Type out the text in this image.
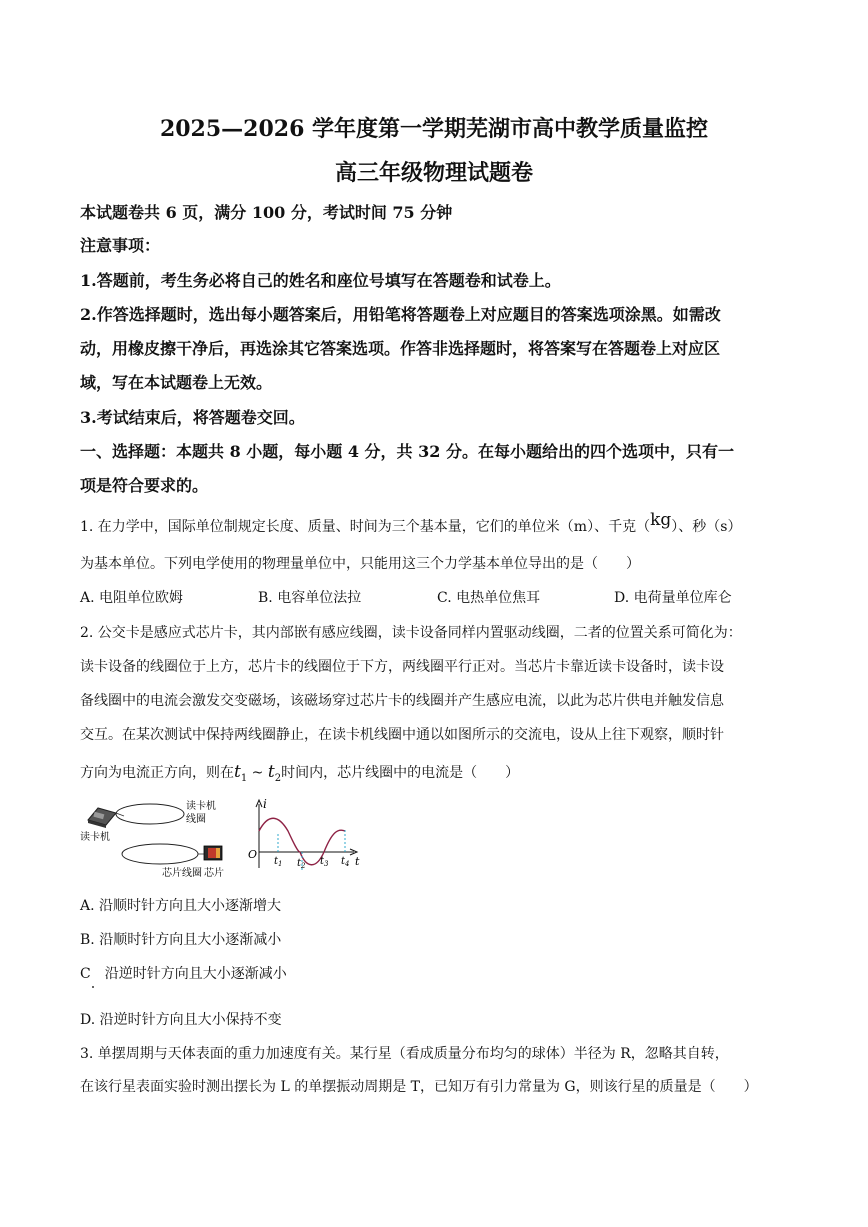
2025—2026 学年度第一学期芜湖市高中教学质量监控
高三年级物理试题卷
本试题卷共 6 页，满分 100 分，考试时间 75 分钟
注意事项：
1.答题前，考生务必将自己的姓名和座位号填写在答题卷和试卷上。
2.作答选择题时，选出每小题答案后，用铅笔将答题卷上对应题目的答案选项涂黑。如需改
动，用橡皮擦干净后，再选涂其它答案选项。作答非选择题时，将答案写在答题卷上对应区
域，写在本试题卷上无效。
3.考试结束后，将答题卷交回。
一、选择题：本题共 8 小题，每小题 4 分，共 32 分。在每小题给出的四个选项中，只有一
项是符合要求的。
1. 在力学中，国际单位制规定长度、质量、时间为三个基本量，它们的单位米（m）、千克（kg）、秒（s）
为基本单位。下列电学使用的物理量单位中，只能用这三个力学基本单位导出的是（　　）
A. 电阻单位欧姆	B. 电容单位法拉	C. 电热单位焦耳	D. 电荷量单位库仑
2. 公交卡是感应式芯片卡，其内部嵌有感应线圈，读卡设备同样内置驱动线圈，二者的位置关系可简化为：
读卡设备的线圈位于上方，芯片卡的线圈位于下方，两线圈平行正对。当芯片卡靠近读卡设备时，读卡设
备线圈中的电流会激发交变磁场，该磁场穿过芯片卡的线圈并产生感应电流，以此为芯片供电并触发信息
交互。在某次测试中保持两线圈静止，在读卡机线圈中通以如图所示的交流电，设从上往下观察，顺时针
方向为电流正方向，则在$t_1$ ~ $t_2$时间内，芯片线圈中的电流是（　　）
读卡机
线圈
读卡机
芯片线圈 芯片
i
t
O
$t_1$ $t_2$ $t_3$ $t_4$
A. 沿顺时针方向且大小逐渐增大
B. 沿顺时针方向且大小逐渐减小
C　沿逆时针方向且大小逐渐减小
D. 沿逆时针方向且大小保持不变
3. 单摆周期与天体表面的重力加速度有关。某行星（看成质量分布均匀的球体）半径为 R，忽略其自转，
在该行星表面实验时测出摆长为 L 的单摆振动周期是 T，已知万有引力常量为 G，则该行星的质量是（　　）
